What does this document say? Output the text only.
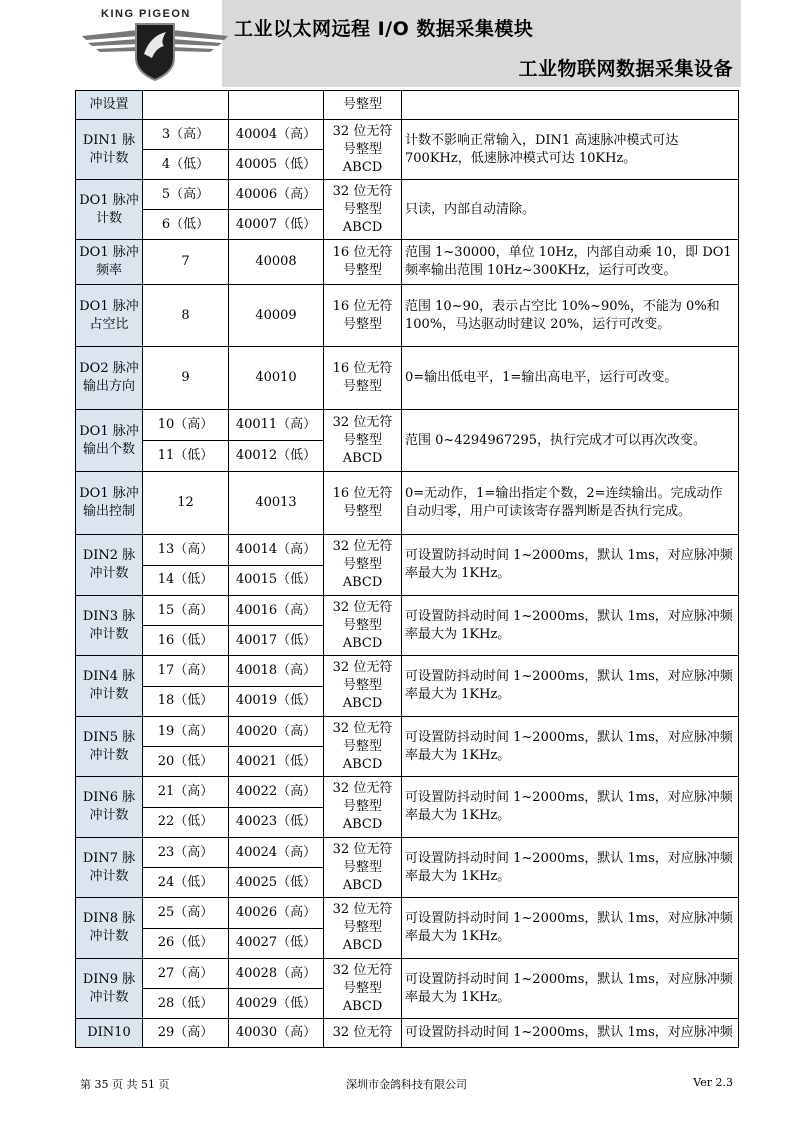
KING PIGEON
工业以太网远程 I/O 数据采集模块
工业物联网数据采集设备
冲设置			号整型	
DIN1 脉冲计数	3（高）	40004（高）	32 位无符号整型 ABCD	计数不影响正常输入，DIN1 高速脉冲模式可达 700KHz，低速脉冲模式可达 10KHz。
	4（低）	40005（低）		
DO1 脉冲计数	5（高）	40006（高）	32 位无符号整型 ABCD	只读，内部自动清除。
	6（低）	40007（低）		
DO1 脉冲频率	7	40008	16 位无符号整型	范围 1~30000，单位 10Hz，内部自动乘 10，即 DO1 频率输出范围 10Hz~300KHz，运行可改变。
DO1 脉冲占空比	8	40009	16 位无符号整型	范围 10~90，表示占空比 10%~90%，不能为 0%和 100%，马达驱动时建议 20%，运行可改变。
DO2 脉冲输出方向	9	40010	16 位无符号整型	0=输出低电平，1=输出高电平，运行可改变。
DO1 脉冲输出个数	10（高）	40011（高）	32 位无符号整型 ABCD	范围 0~4294967295，执行完成才可以再次改变。
	11（低）	40012（低）		
DO1 脉冲输出控制	12	40013	16 位无符号整型	0=无动作，1=输出指定个数，2=连续输出。完成动作自动归零，用户可读该寄存器判断是否执行完成。
DIN2 脉冲计数	13（高）	40014（高）	32 位无符号整型 ABCD	可设置防抖动时间 1~2000ms，默认 1ms，对应脉冲频率最大为 1KHz。
	14（低）	40015（低）		
DIN3 脉冲计数	15（高）	40016（高）	32 位无符号整型 ABCD	可设置防抖动时间 1~2000ms，默认 1ms，对应脉冲频率最大为 1KHz。
	16（低）	40017（低）		
DIN4 脉冲计数	17（高）	40018（高）	32 位无符号整型 ABCD	可设置防抖动时间 1~2000ms，默认 1ms，对应脉冲频率最大为 1KHz。
	18（低）	40019（低）		
DIN5 脉冲计数	19（高）	40020（高）	32 位无符号整型 ABCD	可设置防抖动时间 1~2000ms，默认 1ms，对应脉冲频率最大为 1KHz。
	20（低）	40021（低）		
DIN6 脉冲计数	21（高）	40022（高）	32 位无符号整型 ABCD	可设置防抖动时间 1~2000ms，默认 1ms，对应脉冲频率最大为 1KHz。
	22（低）	40023（低）		
DIN7 脉冲计数	23（高）	40024（高）	32 位无符号整型 ABCD	可设置防抖动时间 1~2000ms，默认 1ms，对应脉冲频率最大为 1KHz。
	24（低）	40025（低）		
DIN8 脉冲计数	25（高）	40026（高）	32 位无符号整型 ABCD	可设置防抖动时间 1~2000ms，默认 1ms，对应脉冲频率最大为 1KHz。
	26（低）	40027（低）		
DIN9 脉冲计数	27（高）	40028（高）	32 位无符号整型 ABCD	可设置防抖动时间 1~2000ms，默认 1ms，对应脉冲频率最大为 1KHz。
	28（低）	40029（低）		
DIN10	29（高）	40030（高）	32 位无符	可设置防抖动时间 1~2000ms，默认 1ms，对应脉冲频
第 35 页 共 51 页	深圳市金鸽科技有限公司	Ver 2.3
